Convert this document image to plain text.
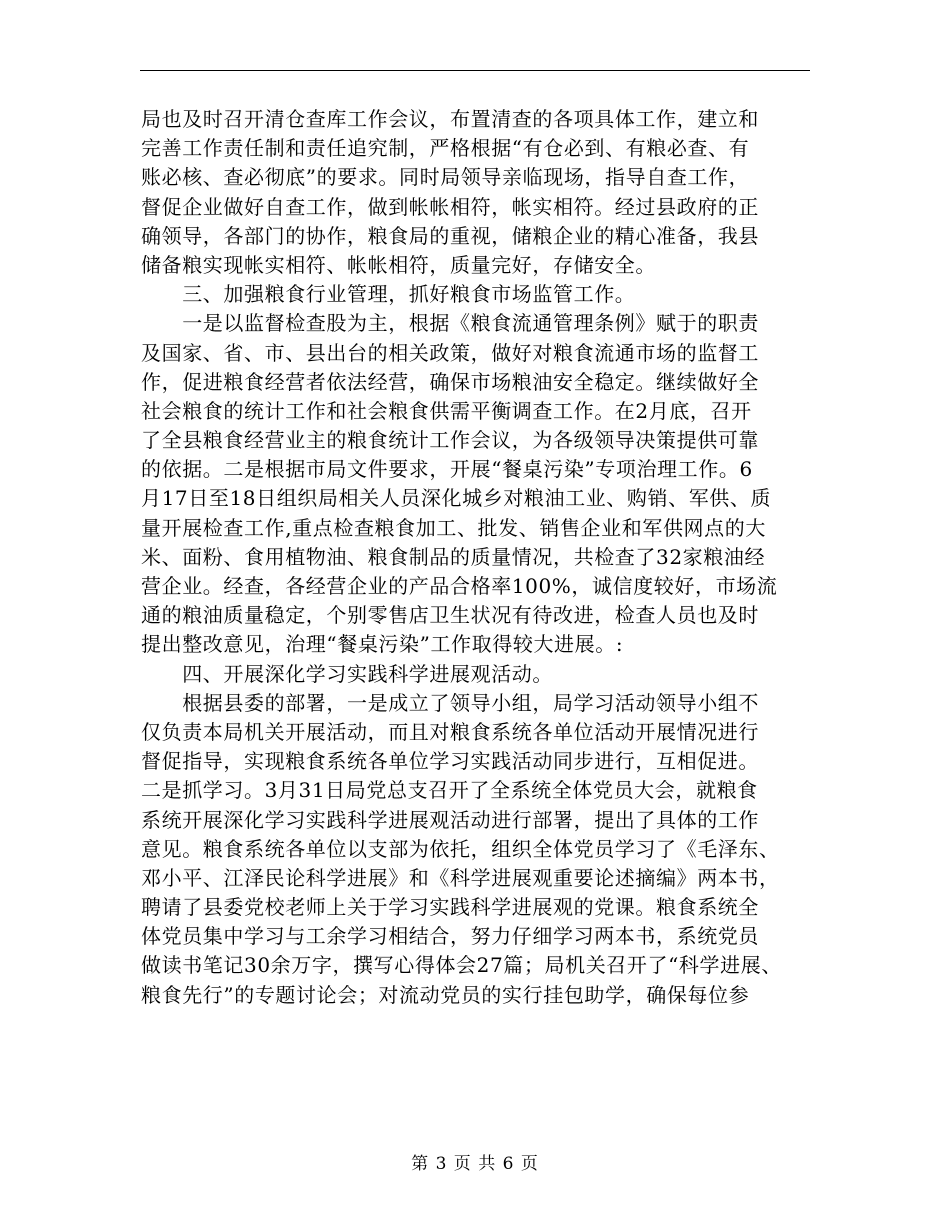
局也及时召开清仓查库工作会议，布置清查的各项具体工作，建立和
完善工作责任制和责任追究制，严格根据“有仓必到、有粮必查、有
账必核、查必彻底”的要求。同时局领导亲临现场，指导自查工作，
督促企业做好自查工作，做到帐帐相符，帐实相符。经过县政府的正
确领导，各部门的协作，粮食局的重视，储粮企业的精心准备，我县
储备粮实现帐实相符、帐帐相符，质量完好，存储安全。
　　三、加强粮食行业管理，抓好粮食市场监管工作。
　　一是以监督检查股为主，根据《粮食流通管理条例》赋于的职责
及国家、省、市、县出台的相关政策，做好对粮食流通市场的监督工
作，促进粮食经营者依法经营，确保市场粮油安全稳定。继续做好全
社会粮食的统计工作和社会粮食供需平衡调查工作。在2月底，召开
了全县粮食经营业主的粮食统计工作会议，为各级领导决策提供可靠
的依据。二是根据市局文件要求，开展“餐桌污染”专项治理工作。6
月17日至18日组织局相关人员深化城乡对粮油工业、购销、军供、质
量开展检查工作,重点检查粮食加工、批发、销售企业和军供网点的大
米、面粉、食用植物油、粮食制品的质量情况，共检查了32家粮油经
营企业。经查，各经营企业的产品合格率100%，诚信度较好，市场流
通的粮油质量稳定，个别零售店卫生状况有待改进，检查人员也及时
提出整改意见，治理“餐桌污染”工作取得较大进展。:
　　四、开展深化学习实践科学进展观活动。
　　根据县委的部署，一是成立了领导小组，局学习活动领导小组不
仅负责本局机关开展活动，而且对粮食系统各单位活动开展情况进行
督促指导，实现粮食系统各单位学习实践活动同步进行，互相促进。
二是抓学习。3月31日局党总支召开了全系统全体党员大会，就粮食
系统开展深化学习实践科学进展观活动进行部署，提出了具体的工作
意见。粮食系统各单位以支部为依托，组织全体党员学习了《毛泽东、
邓小平、江泽民论科学进展》和《科学进展观重要论述摘编》两本书，
聘请了县委党校老师上关于学习实践科学进展观的党课。粮食系统全
体党员集中学习与工余学习相结合，努力仔细学习两本书，系统党员
做读书笔记30余万字，撰写心得体会27篇；局机关召开了“科学进展、
粮食先行”的专题讨论会；对流动党员的实行挂包助学，确保每位参
第 3 页 共 6 页
